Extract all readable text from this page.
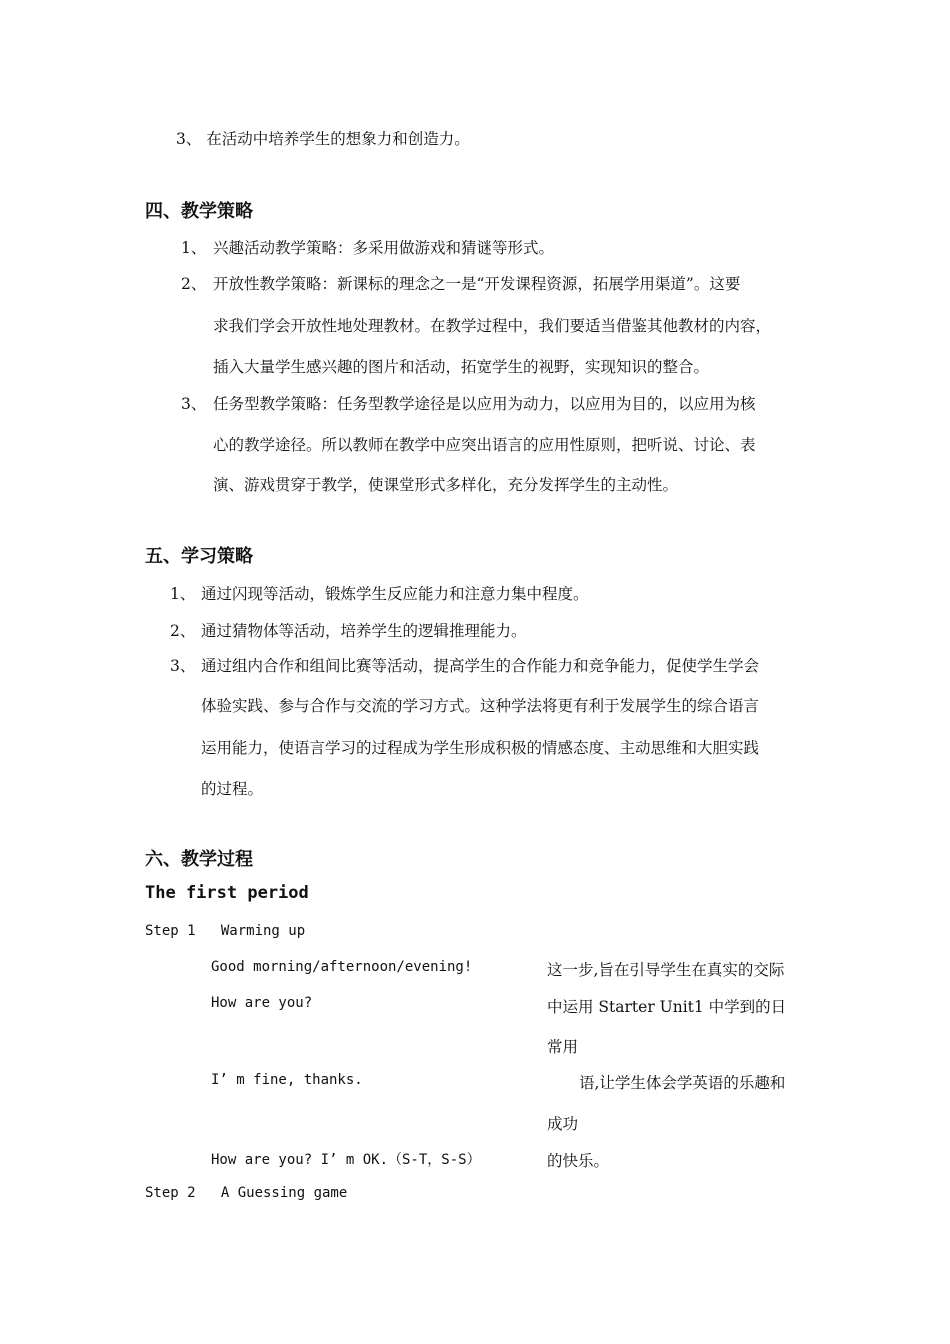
3、 在活动中培养学生的想象力和创造力。
四、教学策略
1、 兴趣活动教学策略：多采用做游戏和猜谜等形式。
2、 开放性教学策略：新课标的理念之一是“开发课程资源，拓展学用渠道”。这要
求我们学会开放性地处理教材。在教学过程中，我们要适当借鉴其他教材的内容，
插入大量学生感兴趣的图片和活动，拓宽学生的视野，实现知识的整合。
3、 任务型教学策略：任务型教学途径是以应用为动力，以应用为目的，以应用为核
心的教学途径。所以教师在教学中应突出语言的应用性原则，把听说、讨论、表
演、游戏贯穿于教学，使课堂形式多样化，充分发挥学生的主动性。
五、学习策略
1、 通过闪现等活动，锻炼学生反应能力和注意力集中程度。
2、 通过猜物体等活动，培养学生的逻辑推理能力。
3、 通过组内合作和组间比赛等活动，提高学生的合作能力和竞争能力，促使学生学会
体验实践、参与合作与交流的学习方式。这种学法将更有利于发展学生的综合语言
运用能力，使语言学习的过程成为学生形成积极的情感态度、主动思维和大胆实践
的过程。
六、教学过程
The first period
Step 1   Warming up
Good morning/afternoon/evening!
How are you?
I’ m fine, thanks.
How are you? I’ m OK.（S-T，S-S）
这一步,旨在引导学生在真实的交际
中运用 Starter Unit1 中学到的日
常用
语,让学生体会学英语的乐趣和
成功
的快乐。
Step 2   A Guessing game
